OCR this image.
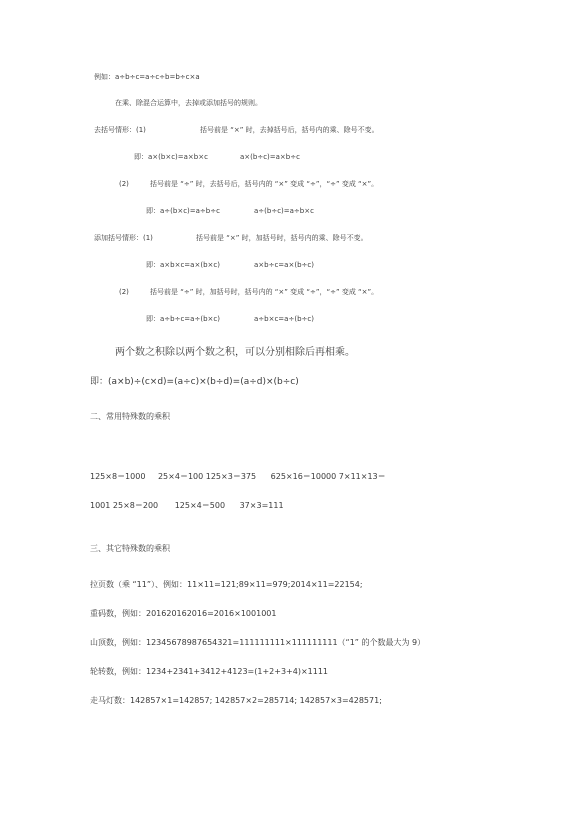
例如：a÷b÷c=a÷c÷b=b÷c×a
在乘、除混合运算中，去掉或添加括号的规则。
去括号情形：(1)	括号前是 “×” 时，去掉括号后，括号内的乘、除号不变。
即：a×(b×c)=a×b×c	a×(b÷c)=a×b÷c
(2)	括号前是 “÷” 时，去括号后，括号内的 “×” 变成 “÷”，“÷” 变成 “×”。
即：a÷(b×c)=a÷b÷c	a÷(b÷c)=a÷b×c
添加括号情形：(1)	括号前是 “×” 时，加括号时，括号内的乘、除号不变。
即：a×b×c=a×(b×c)	a×b÷c=a×(b÷c)
(2)	括号前是 “÷” 时，加括号时，括号内的 “×” 变成 “÷”，“÷” 变成 “×”。
即：a÷b÷c=a÷(b×c)	a÷b×c=a÷(b÷c)
两个数之积除以两个数之积，可以分别相除后再相乘。
即：(a×b)÷(c×d)=(a÷c)×(b÷d)=(a÷d)×(b÷c)
二、常用特殊数的乘积
125×8＝1000 25×4＝100 125×3＝375 625×16＝10000 7×11×13＝
1001 25×8＝200 125×4＝500 37×3=111
三、其它特殊数的乘积
拉页数（乘 “11”）、例如：11×11=121;89×11=979;2014×11=22154;
重码数，例如：201620162016=2016×1001001
山顶数，例如：12345678987654321=111111111×111111111（“1” 的个数最大为 9）
轮转数，例如：1234+2341+3412+4123=(1+2+3+4)×1111
走马灯数：142857×1=142857; 142857×2=285714; 142857×3=428571;
